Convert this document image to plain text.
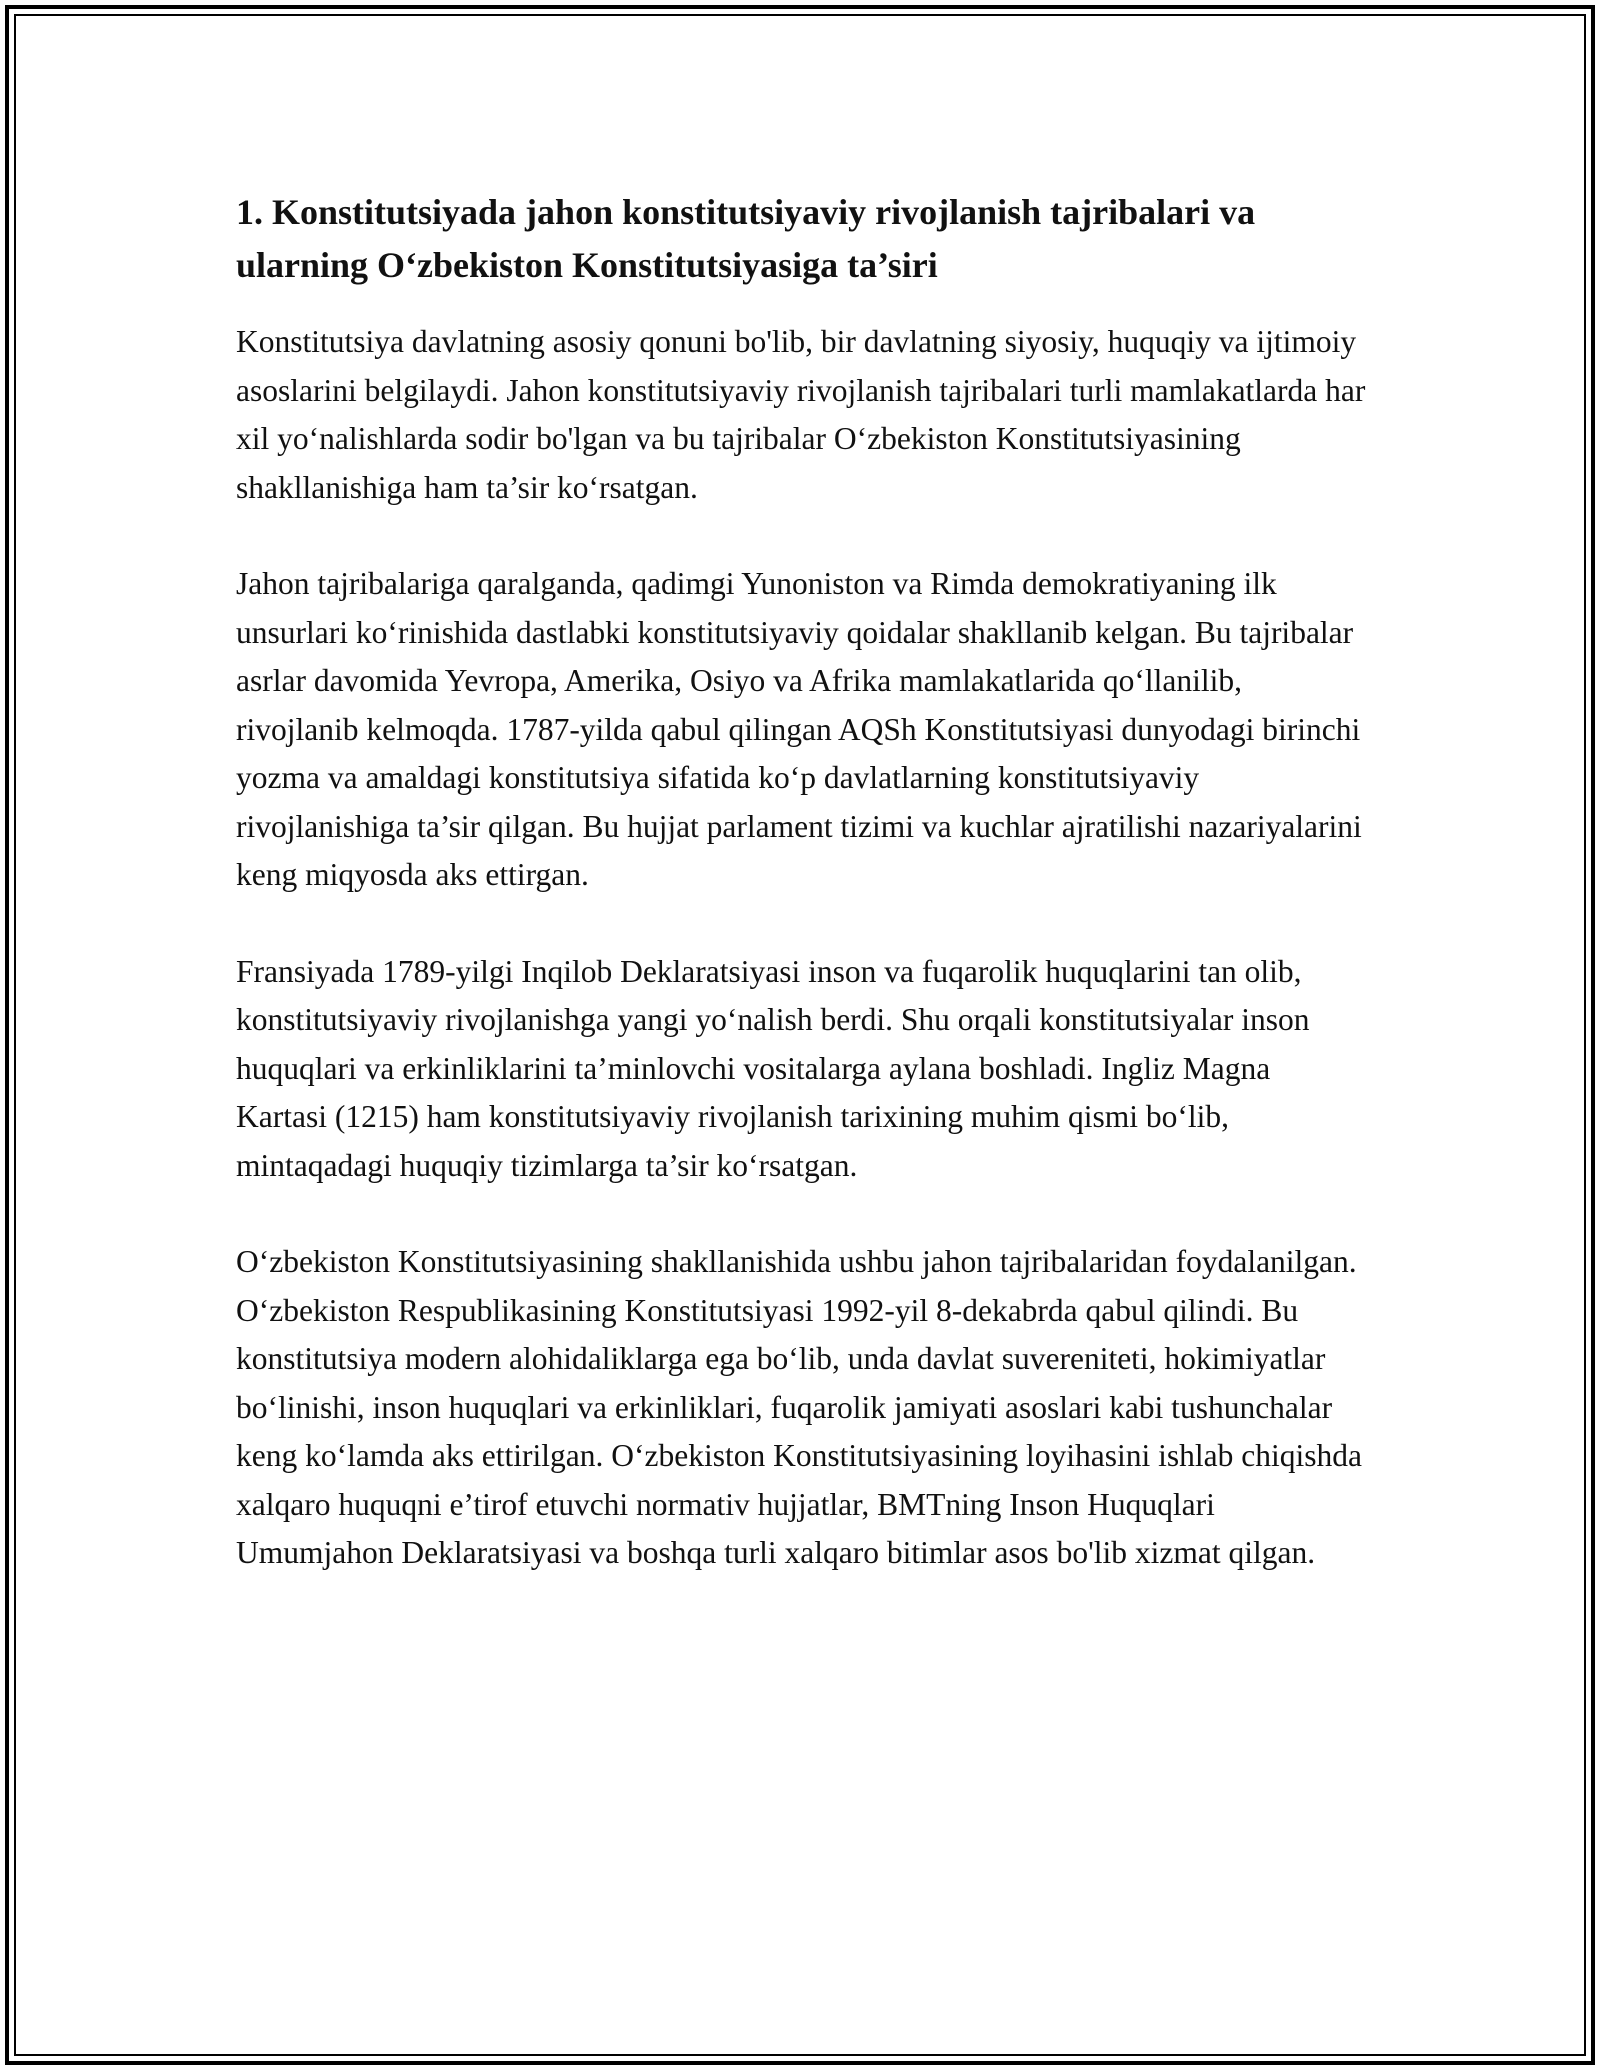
1. Konstitutsiyada jahon konstitutsiyaviy rivojlanish tajribalari va ularning O‘zbekiston Konstitutsiyasiga ta’siri

Konstitutsiya davlatning asosiy qonuni bo'lib, bir davlatning siyosiy, huquqiy va ijtimoiy asoslarini belgilaydi. Jahon konstitutsiyaviy rivojlanish tajribalari turli mamlakatlarda har xil yo‘nalishlarda sodir bo'lgan va bu tajribalar O‘zbekiston Konstitutsiyasining shakllanishiga ham ta’sir ko‘rsatgan.

Jahon tajribalariga qaralganda, qadimgi Yunoniston va Rimda demokratiyaning ilk unsurlari ko‘rinishida dastlabki konstitutsiyaviy qoidalar shakllanib kelgan. Bu tajribalar asrlar davomida Yevropa, Amerika, Osiyo va Afrika mamlakatlarida qo‘llanilib, rivojlanib kelmoqda. 1787-yilda qabul qilingan AQSh Konstitutsiyasi dunyodagi birinchi yozma va amaldagi konstitutsiya sifatida ko‘p davlatlarning konstitutsiyaviy rivojlanishiga ta’sir qilgan. Bu hujjat parlament tizimi va kuchlar ajratilishi nazariyalarini keng miqyosda aks ettirgan.

Fransiyada 1789-yilgi Inqilob Deklaratsiyasi inson va fuqarolik huquqlarini tan olib, konstitutsiyaviy rivojlanishga yangi yo‘nalish berdi. Shu orqali konstitutsiyalar inson huquqlari va erkinliklarini ta’minlovchi vositalarga aylana boshladi. Ingliz Magna Kartasi (1215) ham konstitutsiyaviy rivojlanish tarixining muhim qismi bo‘lib, mintaqadagi huquqiy tizimlarga ta’sir ko‘rsatgan.

O‘zbekiston Konstitutsiyasining shakllanishida ushbu jahon tajribalaridan foydalanilgan. O‘zbekiston Respublikasining Konstitutsiyasi 1992-yil 8-dekabrda qabul qilindi. Bu konstitutsiya modern alohidaliklarga ega bo‘lib, unda davlat suvereniteti, hokimiyatlar bo‘linishi, inson huquqlari va erkinliklari, fuqarolik jamiyati asoslari kabi tushunchalar keng ko‘lamda aks ettirilgan. O‘zbekiston Konstitutsiyasining loyihasini ishlab chiqishda xalqaro huquqni e’tirof etuvchi normativ hujjatlar, BMTning Inson Huquqlari Umumjahon Deklaratsiyasi va boshqa turli xalqaro bitimlar asos bo'lib xizmat qilgan.
